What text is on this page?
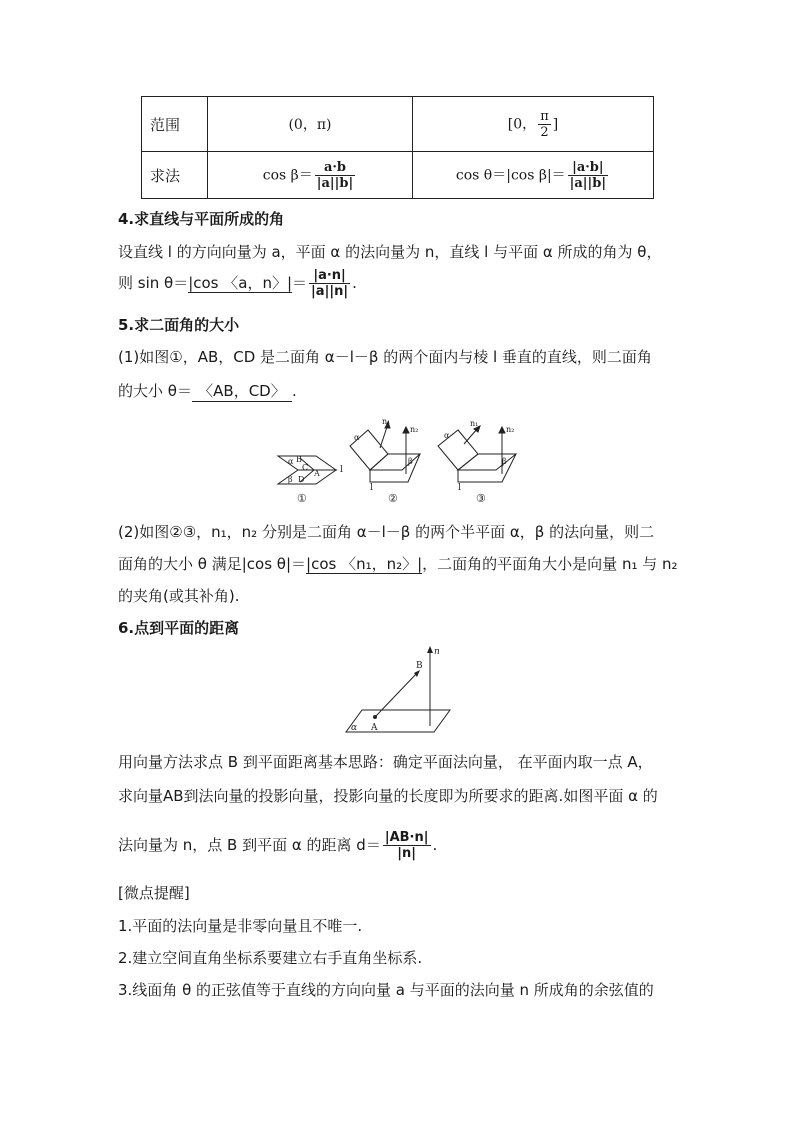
范围	(0，π)	[0， $\frac{\pi}{2}$ ]
求法	$\cos \beta= \frac{a\cdot b}{|a||b|}$	cos θ＝|cos $\beta|= \frac{|a\cdot b|}{|a||b|}$
4.求直线与平面所成的角
设直线 l 的方向向量为 a，平面 α 的法向量为 n，直线 l 与平面 α 所成的角为 θ，
则 sin θ＝|cos 〈a，n〉|＝ $\frac{|a\cdot n|}{|a||n|}$ .
5.求二面角的大小
(1)如图①，AB，CD 是二面角 α－l－β 的两个面内与棱 l 垂直的直线，则二面角
的大小 θ＝ 〈AB，CD〉 .
α B
C
A
β D
l
α
n₁
n₂
β
l
α
n₁
n₂
β
l
①	②	③
(2)如图②③，n₁，n₂ 分别是二面角 α－l－β 的两个半平面 α，β 的法向量，则二
面角的大小 θ 满足|cos θ|＝|cos 〈n₁，n₂〉|，二面角的平面角大小是向量 n₁ 与 n₂
的夹角(或其补角).
6.点到平面的距离
B
A
n
α
用向量方法求点 B 到平面距离基本思路：确定平面法向量， 在平面内取一点 A，
求向量AB到法向量的投影向量，投影向量的长度即为所要求的距离.如图平面 α 的
法向量为 n，点 B 到平面 α 的距离 $d= \frac{|AB\cdot n|}{|n|}$ .
[微点提醒]
1.平面的法向量是非零向量且不唯一.
2.建立空间直角坐标系要建立右手直角坐标系.
3.线面角 θ 的正弦值等于直线的方向向量 a 与平面的法向量 n 所成角的余弦值的
